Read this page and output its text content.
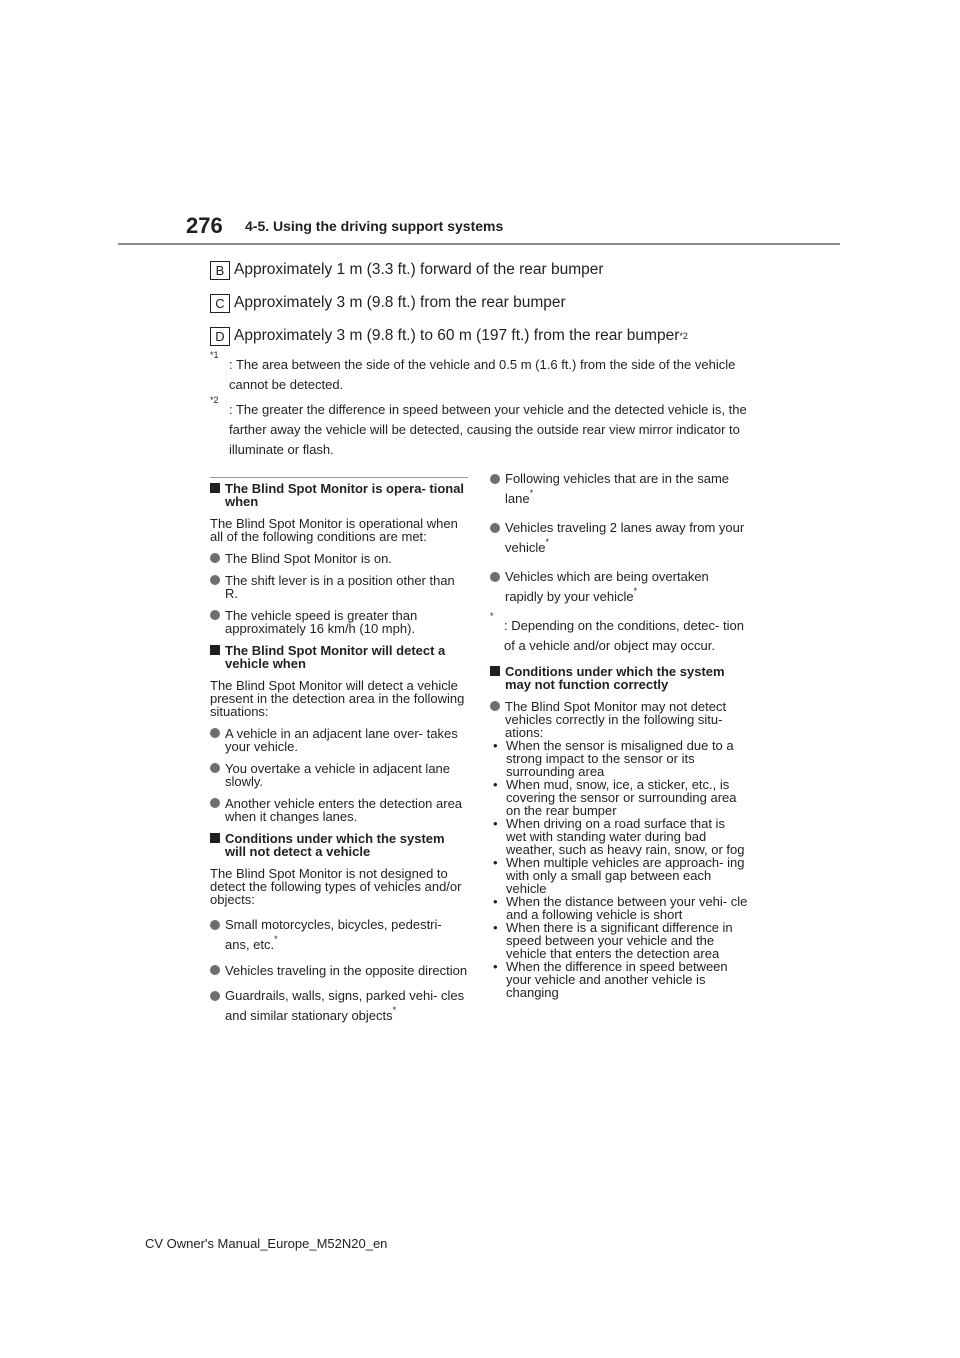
276 4-5. Using the driving support systems
B Approximately 1 m (3.3 ft.) forward of the rear bumper
C Approximately 3 m (9.8 ft.) from the rear bumper
D Approximately 3 m (9.8 ft.) to 60 m (197 ft.) from the rear bumper *2
*1
: The area between the side of the vehicle and 0.5 m (1.6 ft.) from the side of the vehicle cannot be detected.
*2
: The greater the difference in speed between your vehicle and the detected vehicle is, the farther away the vehicle will be detected, causing the outside rear view mirror indicator to illuminate or flash.
The Blind Spot Monitor is opera- tional when
The Blind Spot Monitor is operational when all of the following conditions are met:
The Blind Spot Monitor is on.
The shift lever is in a position other than R.
The vehicle speed is greater than approximately 16 km/h (10 mph).
The Blind Spot Monitor will detect a vehicle when
The Blind Spot Monitor will detect a vehicle present in the detection area in the following situations:
A vehicle in an adjacent lane over- takes your vehicle.
You overtake a vehicle in adjacent lane slowly.
Another vehicle enters the detection area when it changes lanes.
Conditions under which the system will not detect a vehicle
The Blind Spot Monitor is not designed to detect the following types of vehicles and/or objects:
Small motorcycles, bicycles, pedestri- ans, etc.*
Vehicles traveling in the opposite direction
Guardrails, walls, signs, parked vehi- cles and similar stationary objects*
Following vehicles that are in the same lane*
Vehicles traveling 2 lanes away from your vehicle*
Vehicles which are being overtaken rapidly by your vehicle*
*
: Depending on the conditions, detec- tion of a vehicle and/or object may occur.
Conditions under which the system may not function correctly
The Blind Spot Monitor may not detect vehicles correctly in the following situ- ations:
• When the sensor is misaligned due to a strong impact to the sensor or its surrounding area
• When mud, snow, ice, a sticker, etc., is covering the sensor or surrounding area on the rear bumper
• When driving on a road surface that is wet with standing water during bad weather, such as heavy rain, snow, or fog
• When multiple vehicles are approach- ing with only a small gap between each vehicle
• When the distance between your vehi- cle and a following vehicle is short
• When there is a significant difference in speed between your vehicle and the vehicle that enters the detection area
• When the difference in speed between your vehicle and another vehicle is changing
CV Owner's Manual_Europe_M52N20_en
